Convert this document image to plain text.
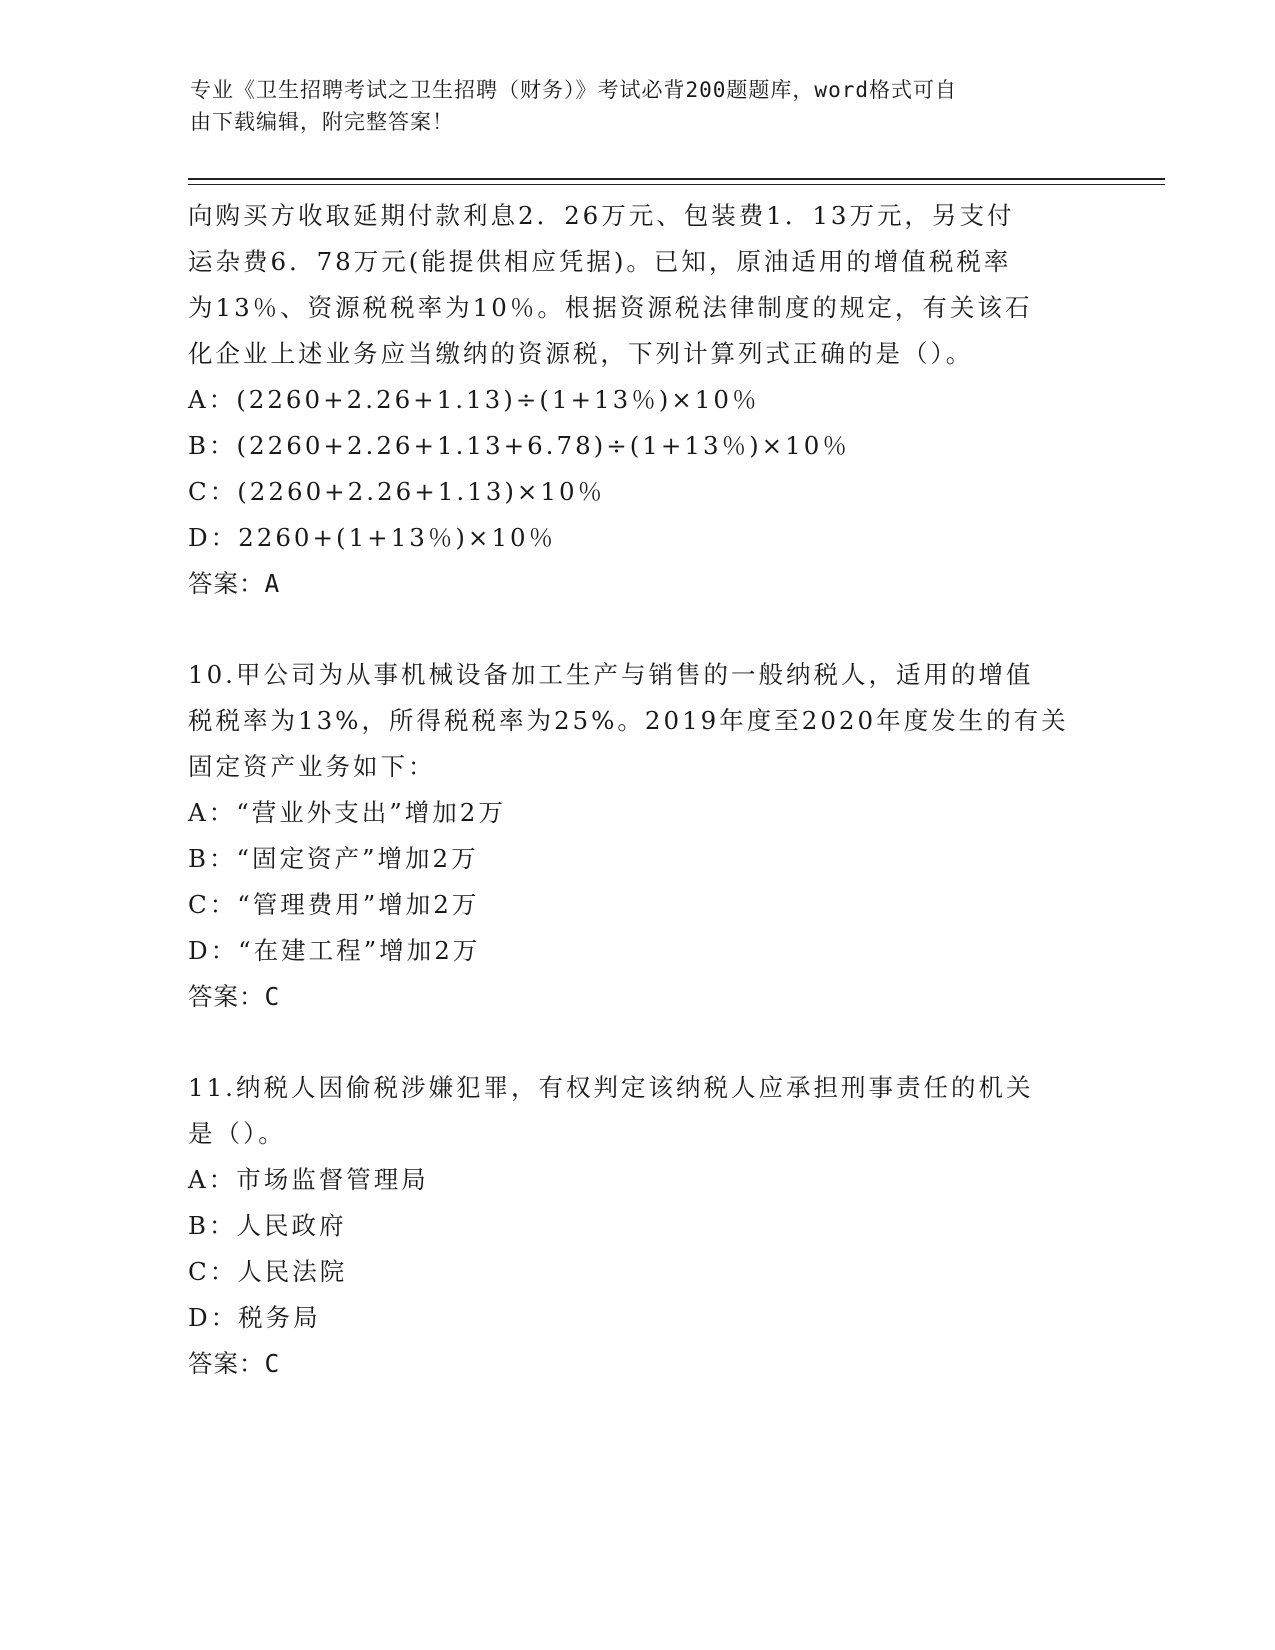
专业《卫生招聘考试之卫生招聘（财务）》考试必背200题题库，word格式可自
由下载编辑，附完整答案！
向购买方收取延期付款利息2．26万元、包装费1．13万元，另支付
运杂费6．78万元(能提供相应凭据)。已知，原油适用的增值税税率
为13％、资源税税率为10％。根据资源税法律制度的规定，有关该石
化企业上述业务应当缴纳的资源税，下列计算列式正确的是（）。
A：(2260+2.26+1.13)÷(1+13％)×10％
B：(2260+2.26+1.13+6.78)÷(1+13％)×10％
C：(2260+2.26+1.13)×10％
D：2260+(1+13％)×10％
答案：A
10.甲公司为从事机械设备加工生产与销售的一般纳税人，适用的增值
税税率为13%，所得税税率为25%。2019年度至2020年度发生的有关
固定资产业务如下：
A：“营业外支出”增加2万
B：“固定资产”增加2万
C：“管理费用”增加2万
D：“在建工程”增加2万
答案：C
11.纳税人因偷税涉嫌犯罪，有权判定该纳税人应承担刑事责任的机关
是（）。
A：市场监督管理局
B：人民政府
C：人民法院
D：税务局
答案：C
